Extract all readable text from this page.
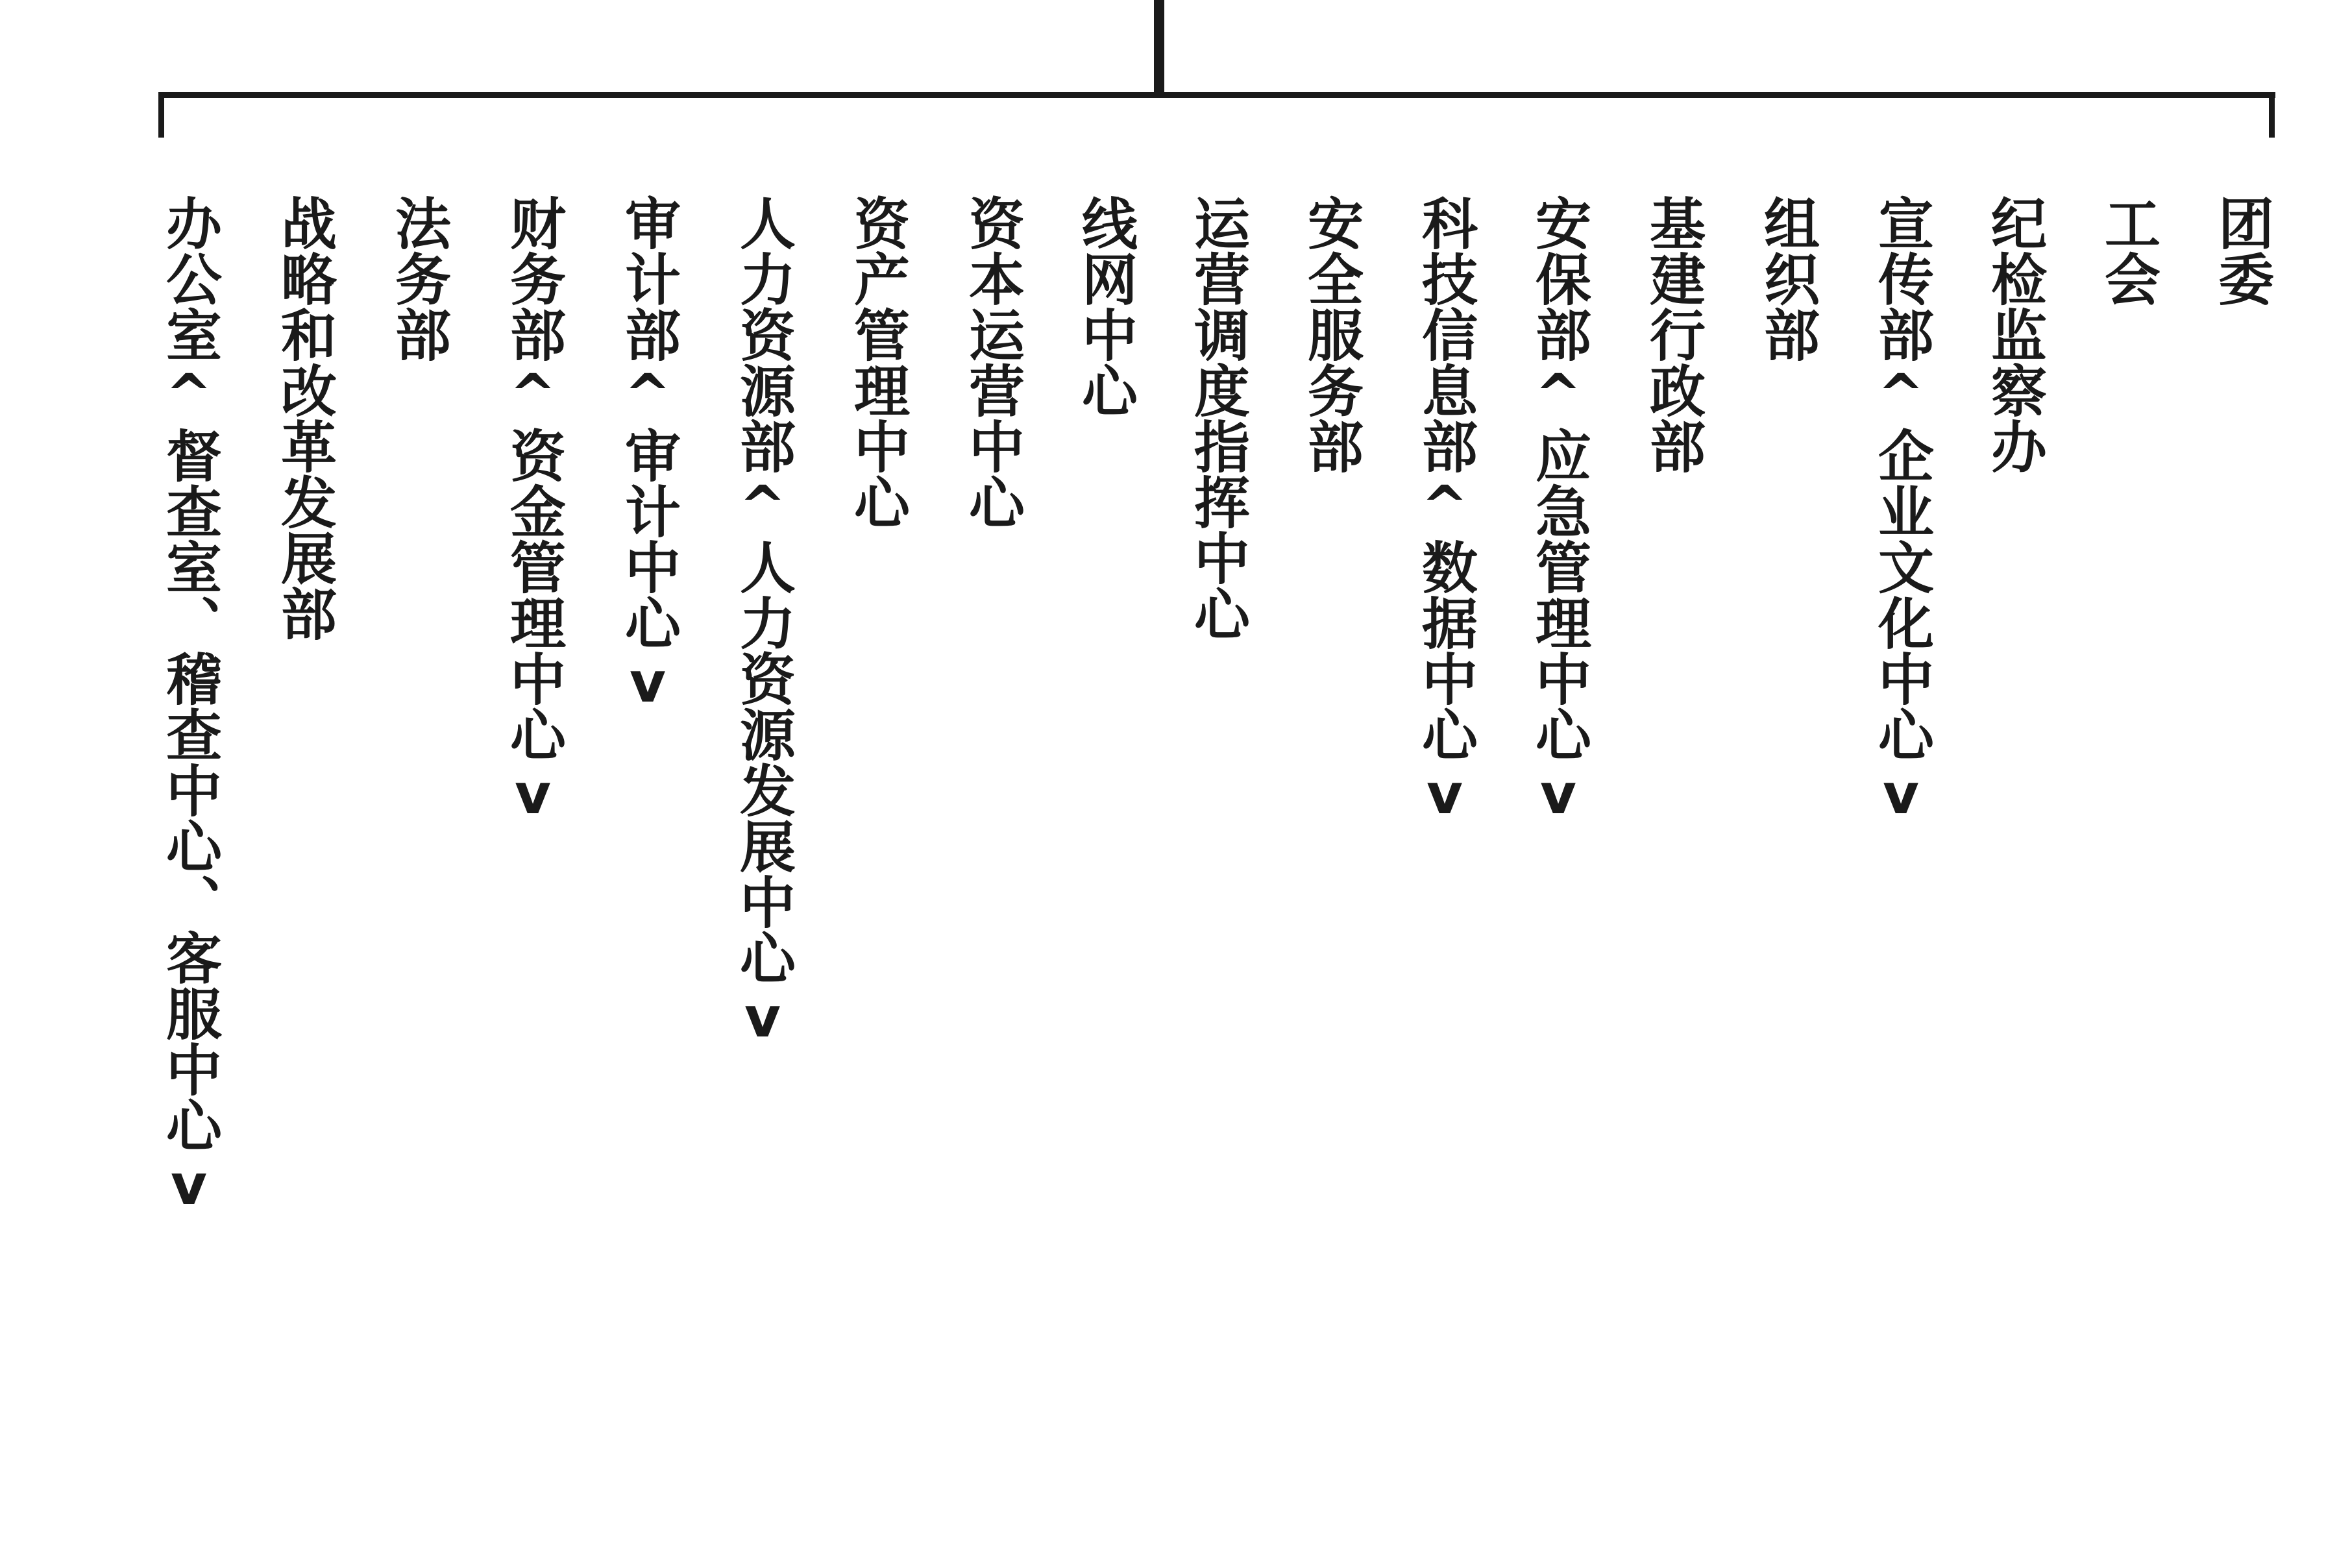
办公室^督查室、稽查中心、客服中心v 战略和改革发展部 法务部 财务部^资金管理中心v 审计部^审计中心v 人力资源部^人力资源发展中心v 资产管理中心 资本运营中心 线网中心 运营调度指挥中心 安全服务部 科技信息部^数据中心v 安保部^应急管理中心v 基建行政部 组织部 宣传部^企业文化中心v 纪检监察办 工会 团委
